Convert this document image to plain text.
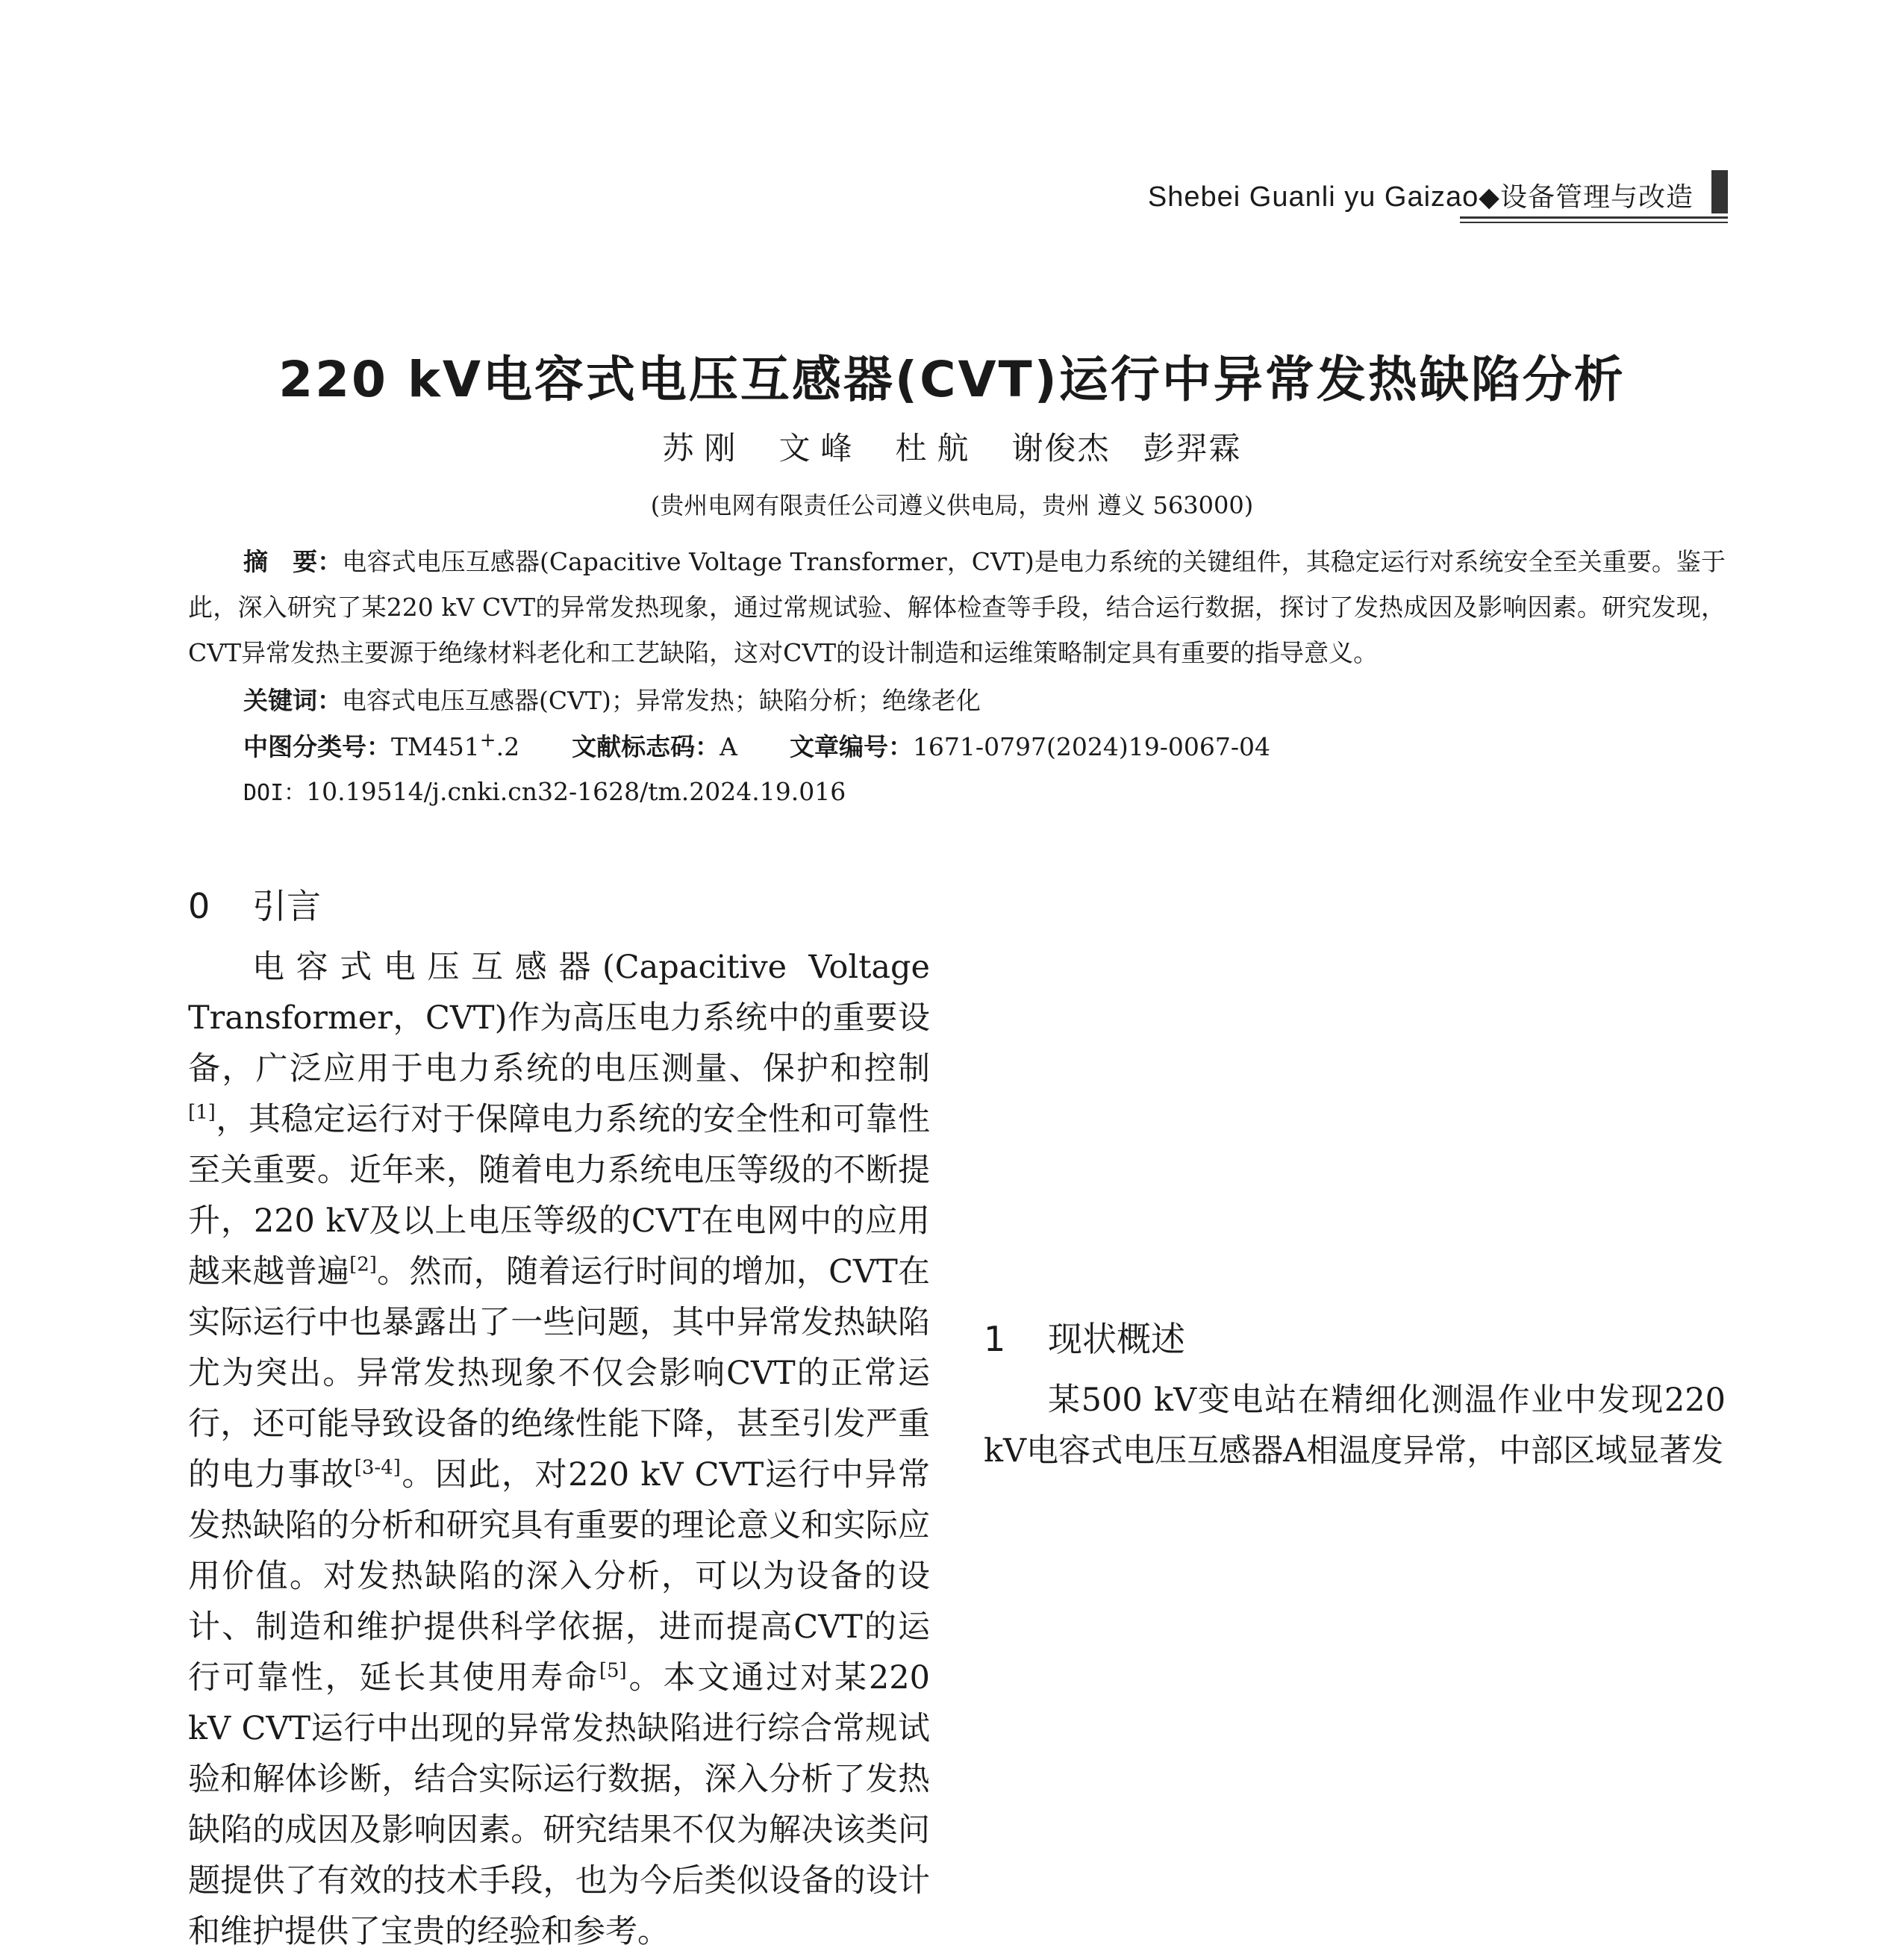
Shebei Guanli yu Gaizao◆设备管理与改造
220 kV电容式电压互感器(CVT)运行中异常发热缺陷分析
苏刚 文峰 杜航 谢俊杰 彭羿霖
(贵州电网有限责任公司遵义供电局，贵州 遵义 563000)

摘　要：电容式电压互感器(Capacitive Voltage Transformer，CVT)是电力系统的关键组件，其稳定运行对系统安全至关重要。鉴于此，深入研究了某220 kV CVT的异常发热现象，通过常规试验、解体检查等手段，结合运行数据，探讨了发热成因及影响因素。研究发现，CVT异常发热主要源于绝缘材料老化和工艺缺陷，这对CVT的设计制造和运维策略制定具有重要的指导意义。

关键词：电容式电压互感器(CVT)；异常发热；缺陷分析；绝缘老化
中图分类号：TM451+.2 文献标志码：A 文章编号：1671-0797(2024)19-0067-04
DOI：10.19514/j.cnki.cn32-1628/tm.2024.19.016
0 引言

电容式电压互感器(Capacitive Voltage Transformer，CVT)作为高压电力系统中的重要设备，广泛应用于电力系统的电压测量、保护和控制[1]，其稳定运行对于保障电力系统的安全性和可靠性至关重要。近年来，随着电力系统电压等级的不断提升，220 kV及以上电压等级的CVT在电网中的应用越来越普遍[2]。然而，随着运行时间的增加，CVT在实际运行中也暴露出了一些问题，其中异常发热缺陷尤为突出。异常发热现象不仅会影响CVT的正常运行，还可能导致设备的绝缘性能下降，甚至引发严重的电力事故[3-4]。因此，对220 kV CVT运行中异常发热缺陷的分析和研究具有重要的理论意义和实际应用价值。对发热缺陷的深入分析，可以为设备的设计、制造和维护提供科学依据，进而提高CVT的运行可靠性，延长其使用寿命[5]。本文通过对某220 kV CVT运行中出现的异常发热缺陷进行综合常规试验和解体诊断，结合实际运行数据，深入分析了发热缺陷的成因及影响因素。研究结果不仅为解决该类问题提供了有效的技术手段，也为今后类似设备的设计和维护提供了宝贵的经验和参考。

1 现状概述

某500 kV变电站在精细化测温作业中发现220 kV电容式电压互感器A相温度异常，中部区域显著发
